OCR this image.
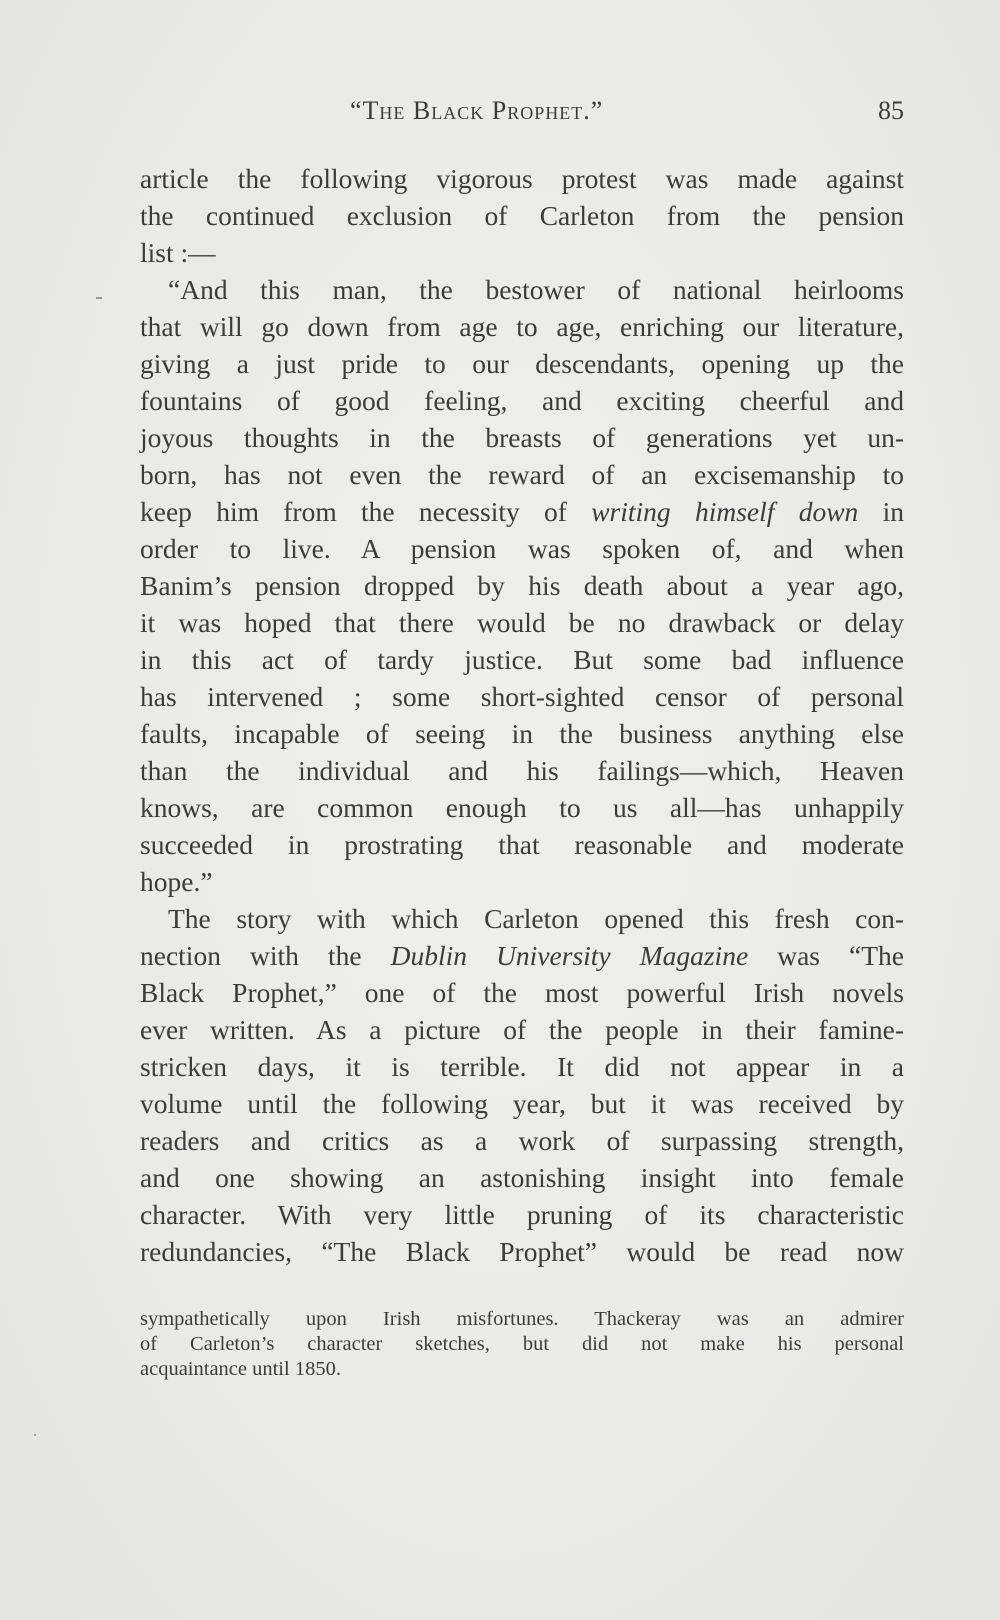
“The Black Prophet.”	85
article the following vigorous protest was made against
the continued exclusion of Carleton from the pension
list :—
“And this man, the bestower of national heirlooms
that will go down from age to age, enriching our literature,
giving a just pride to our descendants, opening up the
fountains of good feeling, and exciting cheerful and
joyous thoughts in the breasts of generations yet un-
born, has not even the reward of an excisemanship to
keep him from the necessity of writing himself down in
order to live. A pension was spoken of, and when
Banim’s pension dropped by his death about a year ago,
it was hoped that there would be no drawback or delay
in this act of tardy justice. But some bad influence
has intervened ; some short-sighted censor of personal
faults, incapable of seeing in the business anything else
than the individual and his failings—which, Heaven
knows, are common enough to us all—has unhappily
succeeded in prostrating that reasonable and moderate
hope.”
The story with which Carleton opened this fresh con-
nection with the Dublin University Magazine was “The
Black Prophet,” one of the most powerful Irish novels
ever written. As a picture of the people in their famine-
stricken days, it is terrible. It did not appear in a
volume until the following year, but it was received by
readers and critics as a work of surpassing strength,
and one showing an astonishing insight into female
character. With very little pruning of its characteristic
redundancies, “The Black Prophet” would be read now
sympathetically upon Irish misfortunes. Thackeray was an admirer
of Carleton’s character sketches, but did not make his personal
acquaintance until 1850.
